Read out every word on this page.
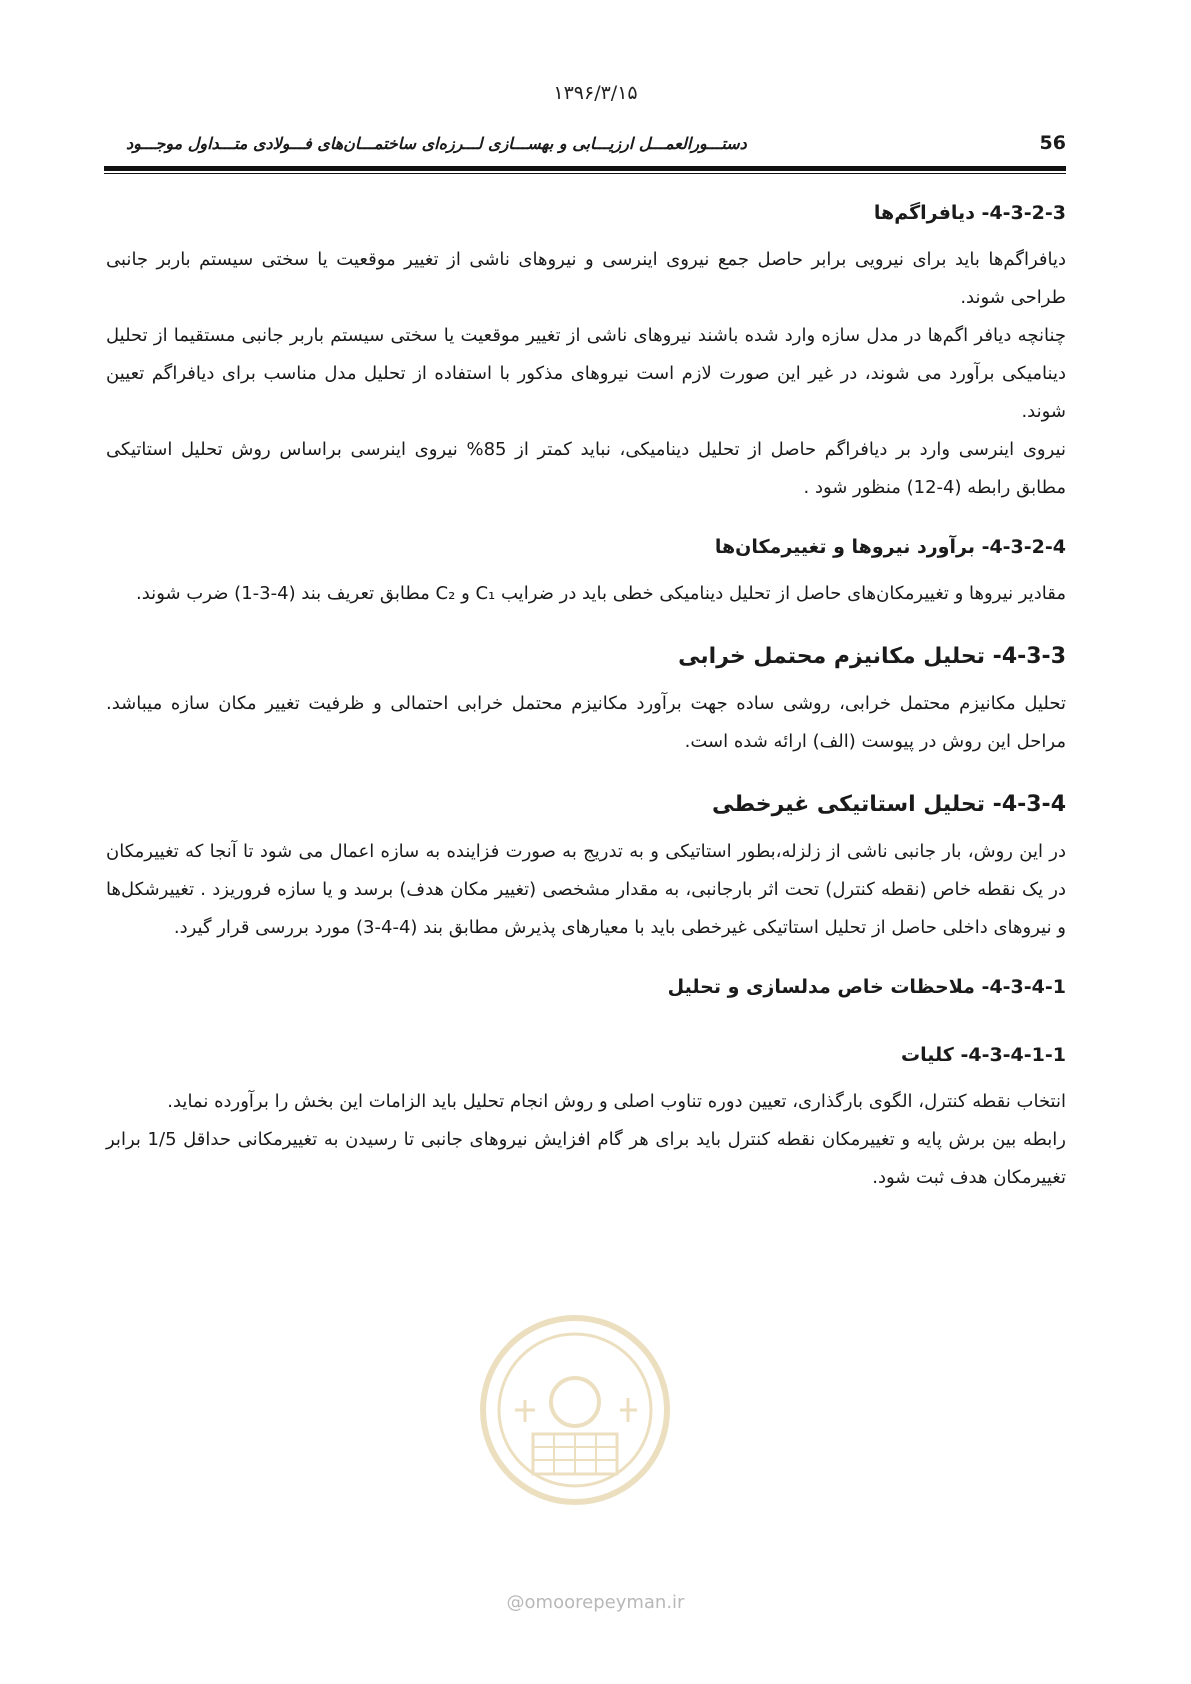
۱۳۹۶/۳/۱۵
56
دستـــورالعمـــل ارزیـــابی و بهســـازی لـــرزه‌ای ساختمـــان‌های فـــولادی متـــداول موجـــود
4-3-2-3- دیافراگم‌ها

دیافراگم‌ها باید برای نیرویی برابر حاصل جمع نیروی اینرسی و نیروهای ناشی از تغییر موقعیت یا سختی سیستم باربر جانبی طراحی شوند.

چنانچه دیافر اگم‌ها در مدل سازه وارد شده باشند نیروهای ناشی از تغییر موقعیت یا سختی سیستم باربر جانبی مستقیما از تحلیل دینامیکی برآورد می شوند، در غیر این صورت لازم است نیروهای مذکور با استفاده از تحلیل مدل مناسب برای دیافراگم تعیین شوند.

نیروی اینرسی وارد بر دیافراگم حاصل از تحلیل دینامیکی، نباید کمتر از 85% نیروی اینرسی براساس روش تحلیل استاتیکی مطابق رابطه (4-12) منظور شود .

4-3-2-4- برآورد نیروها و تغییرمکان‌ها

مقادیر نیروها و تغییرمکان‌های حاصل از تحلیل دینامیکی خطی باید در ضرایب C₁ و C₂ مطابق تعریف بند (4-3-1) ضرب شوند.

4-3-3- تحلیل مکانیزم محتمل خرابی

تحلیل مکانیزم محتمل خرابی، روشی ساده جهت برآورد مکانیزم محتمل خرابی احتمالی و ظرفیت تغییر مکان سازه میباشد. مراحل این روش در پیوست (الف) ارائه شده است.

4-3-4- تحلیل استاتیکی غیرخطی

در این روش، بار جانبی ناشی از زلزله،بطور استاتیکی و به تدریج به صورت فزاینده به سازه اعمال می شود تا آنجا که تغییرمکان در یک نقطه خاص (نقطه کنترل) تحت اثر بارجانبی، به مقدار مشخصی (تغییر مکان هدف) برسد و یا سازه فروریزد . تغییرشکل‌ها و نیروهای داخلی حاصل از تحلیل استاتیکی غیرخطی باید با معیارهای پذیرش مطابق بند (4-4-3) مورد بررسی قرار گیرد.

4-3-4-1- ملاحظات خاص مدلسازی و تحلیل
4-3-4-1-1- کلیات

انتخاب نقطه کنترل، الگوی بارگذاری، تعیین دوره تناوب اصلی و روش انجام تحلیل باید الزامات این بخش را برآورده نماید.

رابطه بین برش پایه و تغییرمکان نقطه کنترل باید برای هر گام افزایش نیروهای جانبی تا رسیدن به تغییرمکانی حداقل 1/5 برابر تغییرمکان هدف ثبت شود.

@omoorepeyman.ir
